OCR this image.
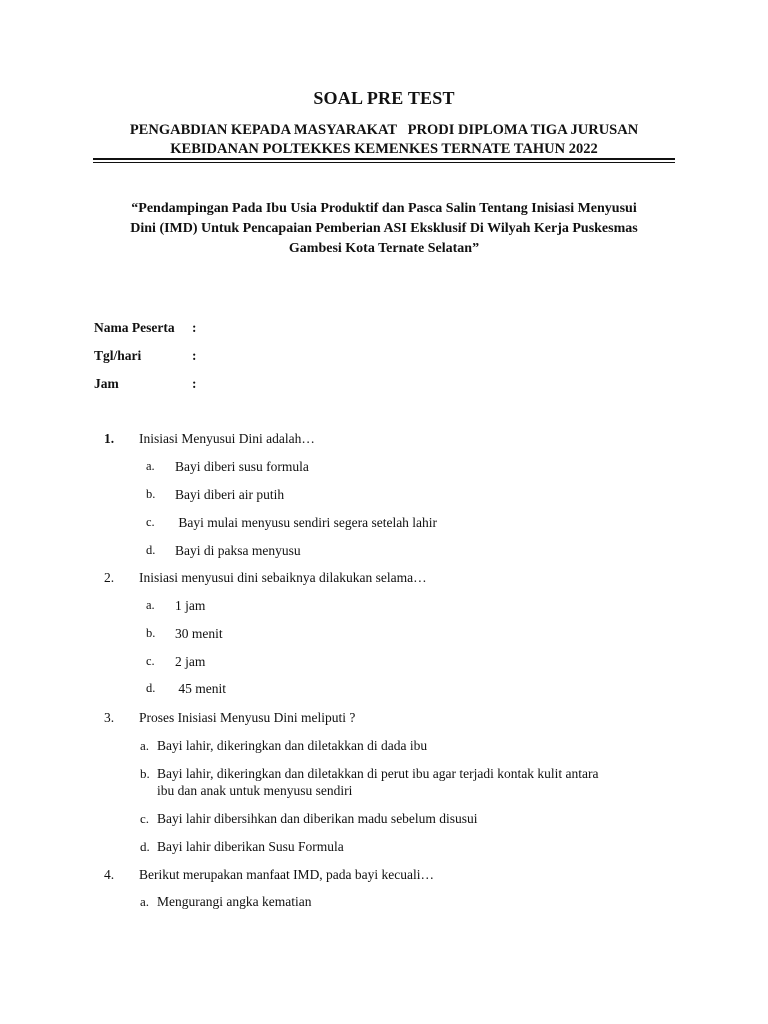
SOAL PRE TEST
PENGABDIAN KEPADA MASYARAKAT   PRODI DIPLOMA TIGA JURUSAN
KEBIDANAN POLTEKKES KEMENKES TERNATE TAHUN 2022
“Pendampingan Pada Ibu Usia Produktif dan Pasca Salin Tentang Inisiasi Menyusui
Dini (IMD) Untuk Pencapaian Pemberian ASI Eksklusif Di Wilyah Kerja Puskesmas
Gambesi Kota Ternate Selatan”
Nama Peserta :
Tgl/hari	:
Jam	:
1.	Inisiasi Menyusui Dini adalah…
a.	Bayi diberi susu formula
b.	Bayi diberi air putih
c.	Bayi mulai menyusu sendiri segera setelah lahir
d.	Bayi di paksa menyusu
2.	Inisiasi menyusui dini sebaiknya dilakukan selama…
a.	1 jam
b.	30 menit
c.	2 jam
d.	45 menit
3.	Proses Inisiasi Menyusu Dini meliputi ?
a. Bayi lahir, dikeringkan dan diletakkan di dada ibu
b. Bayi lahir, dikeringkan dan diletakkan di perut ibu agar terjadi kontak kulit antara
ibu dan anak untuk menyusu sendiri
c. Bayi lahir dibersihkan dan diberikan madu sebelum disusui
d. Bayi lahir diberikan Susu Formula
4.	Berikut merupakan manfaat IMD, pada bayi kecuali…
a. Mengurangi angka kematian
